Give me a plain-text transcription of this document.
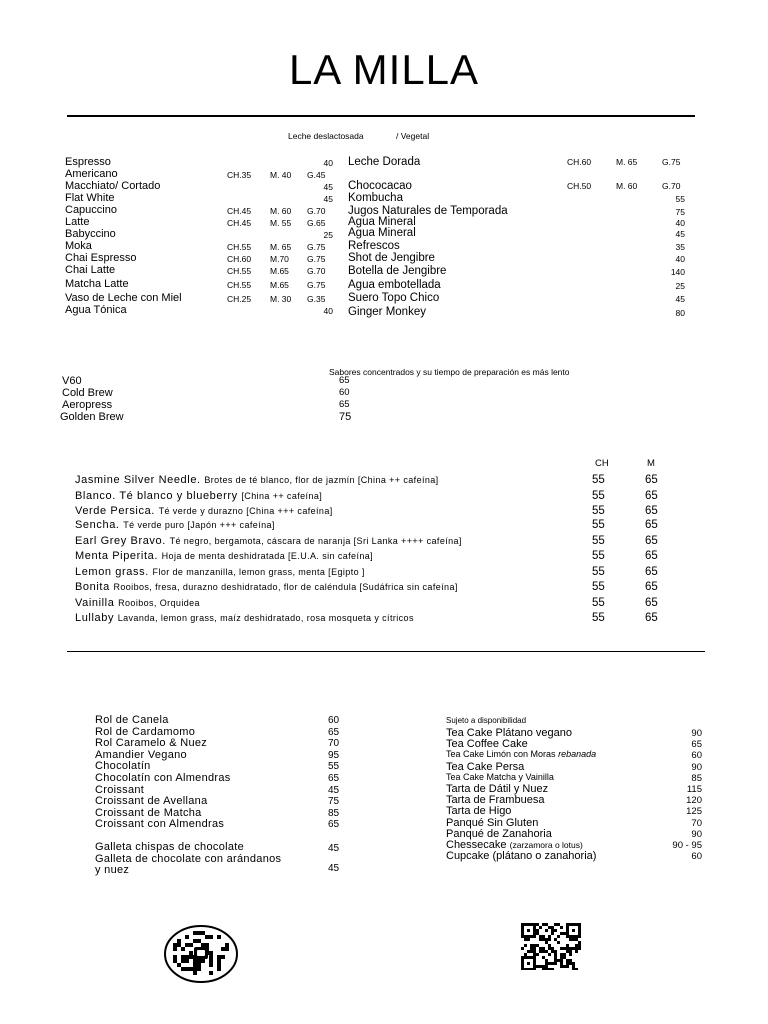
LA MILLA
Leche deslactosada	/ Vegetal
Espresso	40
Americano	CH.35 M. 40 G.45
Macchiato/ Cortado	45
Flat White	45
Capuccino	CH.45 M. 60 G.70
Latte	CH.45 M. 55 G.65
Babyccino	25
Moka	CH.55 M. 65 G.75
Chai Espresso	CH.60 M.70 G.75
Chai Latte	CH.55 M.65 G.70
Matcha Latte	CH.55 M.65 G.75
Vaso de Leche con Miel	CH.25 M. 30 G.35
Agua Tónica	40
Leche Dorada	CH.60	M. 65	G.75
Chococacao	CH.50	M. 60	G.70
Kombucha	55
Jugos Naturales de Temporada	75
Agua Mineral	40
Agua Mineral	45
Refrescos	35
Shot de Jengibre	40
Botella de Jengibre	140
Agua embotellada	25
Suero Topo Chico	45
Ginger Monkey	80
Sabores concentrados y su tiempo de preparación es más lento
V60	65
Cold Brew	60
Aeropress	65
Golden Brew	75
CH	M
Jasmine Silver Needle. Brotes de té blanco, flor de jazmín [China ++ cafeína]	55	65
Blanco. Té blanco y blueberry [China ++ cafeína]	55	65
Verde Persica. Té verde y durazno [China +++ cafeína]	55	65
Sencha. Té verde puro [Japón +++ cafeína]	55	65
Earl Grey Bravo. Té negro, bergamota, cáscara de naranja [Sri Lanka ++++ cafeína]	55	65
Menta Piperita. Hoja de menta deshidratada [E.U.A. sin cafeína]	55	65
Lemon grass. Flor de manzanilla, lemon grass, menta [Egipto ]	55	65
Bonita Rooibos, fresa, durazno deshidratado, flor de caléndula [Sudáfrica sin cafeína]	55	65
Vainilla Rooibos, Orquidea	55	65
Lullaby Lavanda, lemon grass, maíz deshidratado, rosa mosqueta y cítricos	55	65
Rol de Canela	60
Rol de Cardamomo	65
Rol Caramelo & Nuez	70
Amandier Vegano	95
Chocolatín	55
Chocolatín con Almendras	65
Croissant	45
Croissant de Avellana	75
Croissant de Matcha	85
Croissant con Almendras	65
Galleta chispas de chocolate	45
Galleta de chocolate con arándanos
y nuez	45
Sujeto a disponibilidad
Tea Cake Plátano vegano	90
Tea Coffee Cake	65
Tea Cake Limón con Moras rebanada	60
Tea Cake Persa	90
Tea Cake Matcha y Vainilla	85
Tarta de Dátil y Nuez	115
Tarta de Frambuesa	120
Tarta de Higo	125
Panqué Sin Gluten	70
Panqué de Zanahoria	90
Chessecake (zarzamora o lotus)	90 - 95
Cupcake (plátano o zanahoria)	60
